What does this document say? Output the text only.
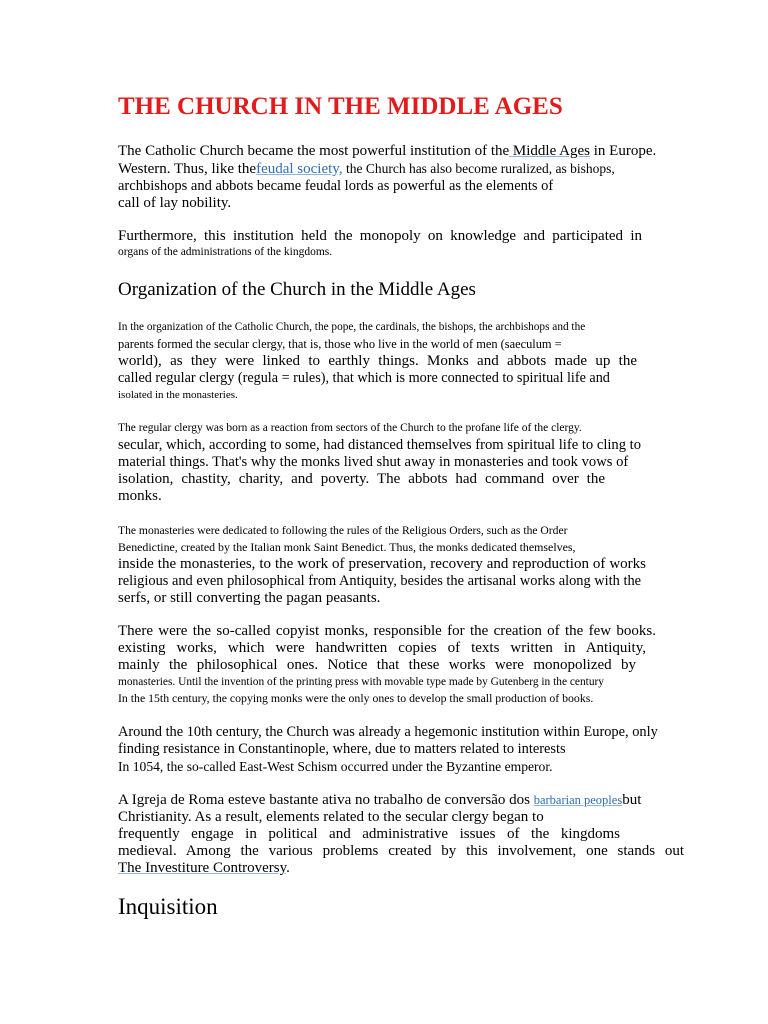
THE CHURCH IN THE MIDDLE AGES
The Catholic Church became the most powerful institution of the Middle Ages in Europe.
Western. Thus, like thefeudal society, the Church has also become ruralized, as bishops,
archbishops and abbots became feudal lords as powerful as the elements of
call of lay nobility.
Furthermore, this institution held the monopoly on knowledge and participated in
organs of the administrations of the kingdoms.
Organization of the Church in the Middle Ages
In the organization of the Catholic Church, the pope, the cardinals, the bishops, the archbishops and the
parents formed the secular clergy, that is, those who live in the world of men (saeculum =
world), as they were linked to earthly things. Monks and abbots made up the
called regular clergy (regula = rules), that which is more connected to spiritual life and
isolated in the monasteries.
The regular clergy was born as a reaction from sectors of the Church to the profane life of the clergy.
secular, which, according to some, had distanced themselves from spiritual life to cling to
material things. That's why the monks lived shut away in monasteries and took vows of
isolation, chastity, charity, and poverty. The abbots had command over the
monks.
The monasteries were dedicated to following the rules of the Religious Orders, such as the Order
Benedictine, created by the Italian monk Saint Benedict. Thus, the monks dedicated themselves,
inside the monasteries, to the work of preservation, recovery and reproduction of works
religious and even philosophical from Antiquity, besides the artisanal works along with the
serfs, or still converting the pagan peasants.
There were the so-called copyist monks, responsible for the creation of the few books.
existing works, which were handwritten copies of texts written in Antiquity,
mainly the philosophical ones. Notice that these works were monopolized by
monasteries. Until the invention of the printing press with movable type made by Gutenberg in the century
In the 15th century, the copying monks were the only ones to develop the small production of books.
Around the 10th century, the Church was already a hegemonic institution within Europe, only
finding resistance in Constantinople, where, due to matters related to interests
In 1054, the so-called East-West Schism occurred under the Byzantine emperor.
A Igreja de Roma esteve bastante ativa no trabalho de conversão dos barbarian peoplesbut
Christianity. As a result, elements related to the secular clergy began to
frequently engage in political and administrative issues of the kingdoms
medieval. Among the various problems created by this involvement, one stands out
The Investiture Controversy.
Inquisition
